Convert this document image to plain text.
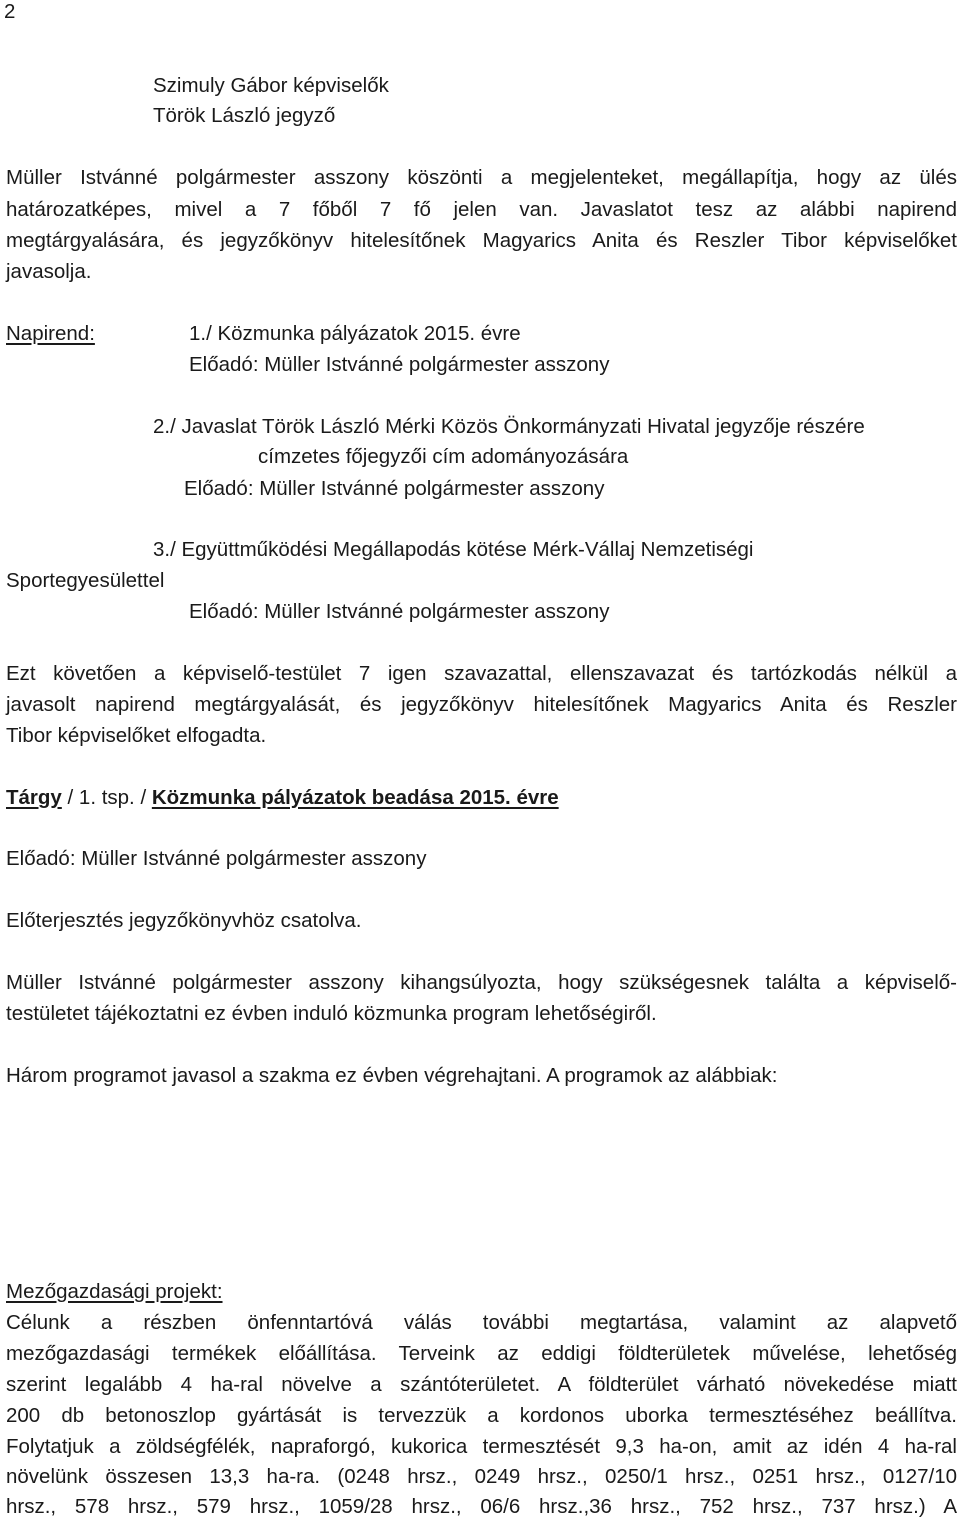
2
Szimuly Gábor képviselők
Török László jegyző
Müller Istvánné polgármester asszony köszönti a megjelenteket, megállapítja, hogy az ülés
határozatképes, mivel a 7 főből 7 fő jelen van. Javaslatot tesz az alábbi napirend
megtárgyalására, és jegyzőkönyv hitelesítőnek Magyarics Anita és Reszler Tibor képviselőket
javasolja.
Napirend:	1./ Közmunka pályázatok 2015. évre
Előadó: Müller Istvánné polgármester asszony
2./ Javaslat Török László Mérki Közös Önkormányzati Hivatal jegyzője részére
címzetes főjegyzői cím adományozására
Előadó: Müller Istvánné polgármester asszony
3./ Együttműködési Megállapodás kötése Mérk-Vállaj Nemzetiségi
Sportegyesülettel
Előadó: Müller Istvánné polgármester asszony
Ezt követően a képviselő-testület 7 igen szavazattal, ellenszavazat és tartózkodás nélkül a
javasolt napirend megtárgyalását, és jegyzőkönyv hitelesítőnek Magyarics Anita és Reszler
Tibor képviselőket elfogadta.
Tárgy / 1. tsp. / Közmunka pályázatok beadása 2015. évre
Előadó: Müller Istvánné polgármester asszony
Előterjesztés jegyzőkönyvhöz csatolva.
Müller Istvánné polgármester asszony kihangsúlyozta, hogy szükségesnek találta a képviselő-
testületet tájékoztatni ez évben induló közmunka program lehetőségiről.
Három programot javasol a szakma ez évben végrehajtani. A programok az alábbiak:
Mezőgazdasági projekt:
Célunk a részben önfenntartóvá válás további megtartása, valamint az alapvető
mezőgazdasági termékek előállítása. Terveink az eddigi földterületek művelése, lehetőség
szerint legalább 4 ha-ral növelve a szántóterületet. A földterület várható növekedése miatt
200 db betonoszlop gyártását is tervezzük a kordonos uborka termesztéséhez beállítva.
Folytatjuk a zöldségfélék, napraforgó, kukorica termesztését 9,3 ha-on, amit az idén 4 ha-ral
növelünk összesen 13,3 ha-ra. (0248 hrsz., 0249 hrsz., 0250/1 hrsz., 0251 hrsz., 0127/10
hrsz., 578 hrsz., 579 hrsz., 1059/28 hrsz., 06/6 hrsz.,36 hrsz., 752 hrsz., 737 hrsz.) A
